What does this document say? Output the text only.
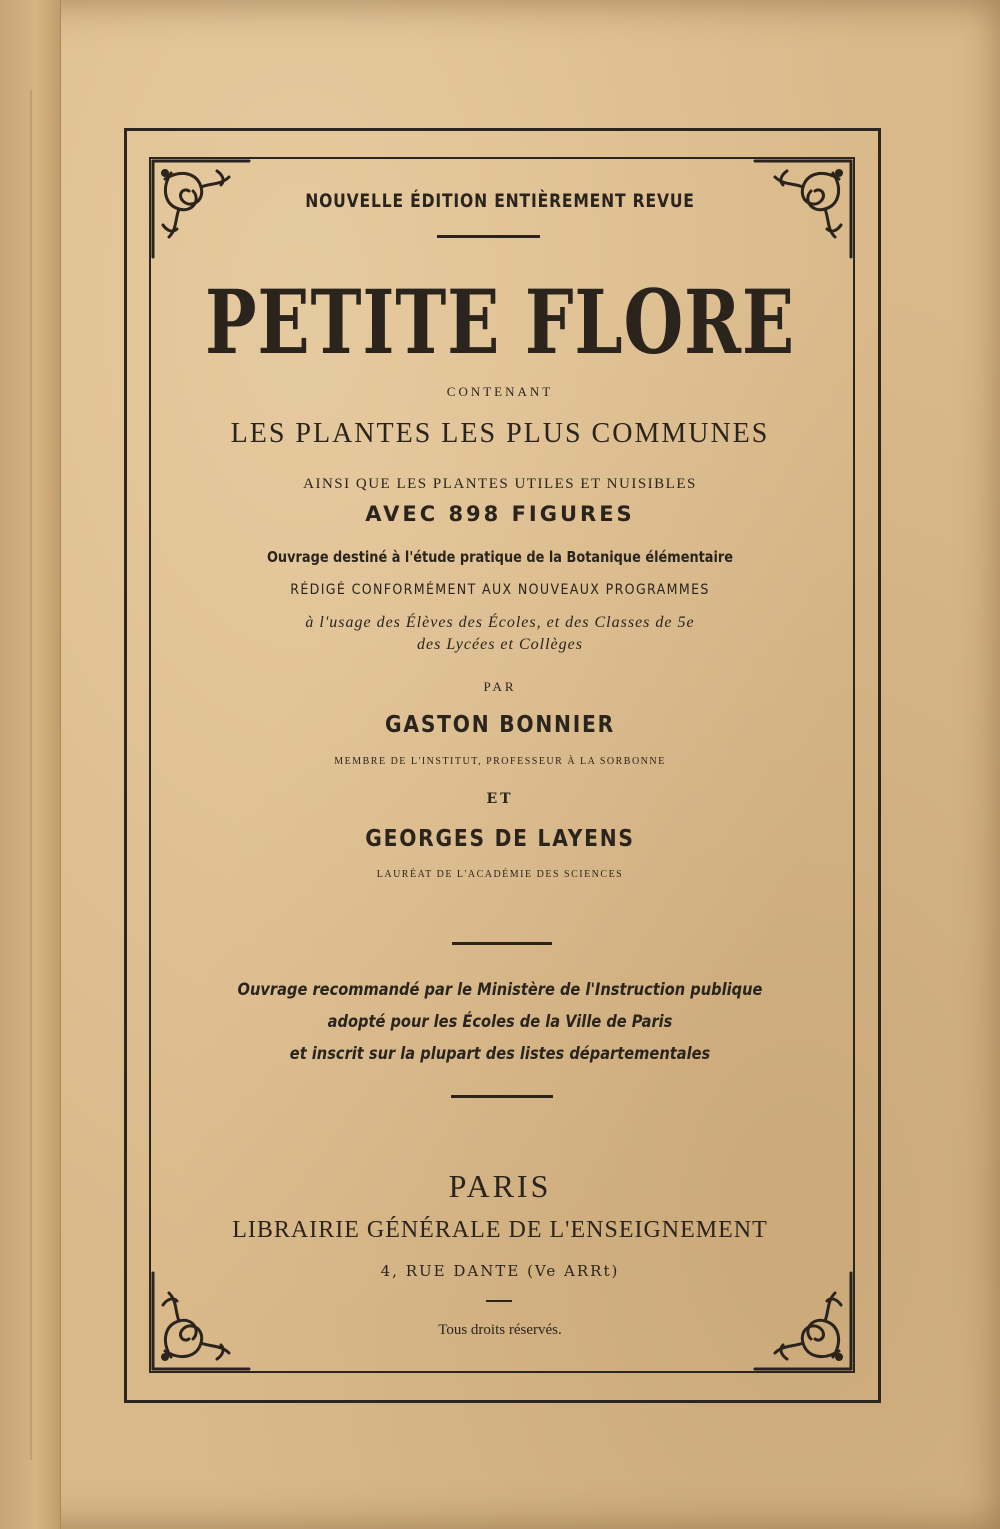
NOUVELLE ÉDITION ENTIÈREMENT REVUE
PETITE FLORE
CONTENANT
LES PLANTES LES PLUS COMMUNES
AINSI QUE LES PLANTES UTILES ET NUISIBLES
AVEC 898 FIGURES
Ouvrage destiné à l'étude pratique de la Botanique élémentaire
RÉDIGÉ CONFORMÉMENT AUX NOUVEAUX PROGRAMMES
à l'usage des Élèves des Écoles, et des Classes de 5e
des Lycées et Collèges
PAR
GASTON BONNIER
MEMBRE DE L'INSTITUT, PROFESSEUR À LA SORBONNE
ET
GEORGES DE LAYENS
LAURÉAT DE L'ACADÉMIE DES SCIENCES
Ouvrage recommandé par le Ministère de l'Instruction publique
adopté pour les Écoles de la Ville de Paris
et inscrit sur la plupart des listes départementales
PARIS
LIBRAIRIE GÉNÉRALE DE L'ENSEIGNEMENT
4, RUE DANTE (Ve ARRt)
Tous droits réservés.
